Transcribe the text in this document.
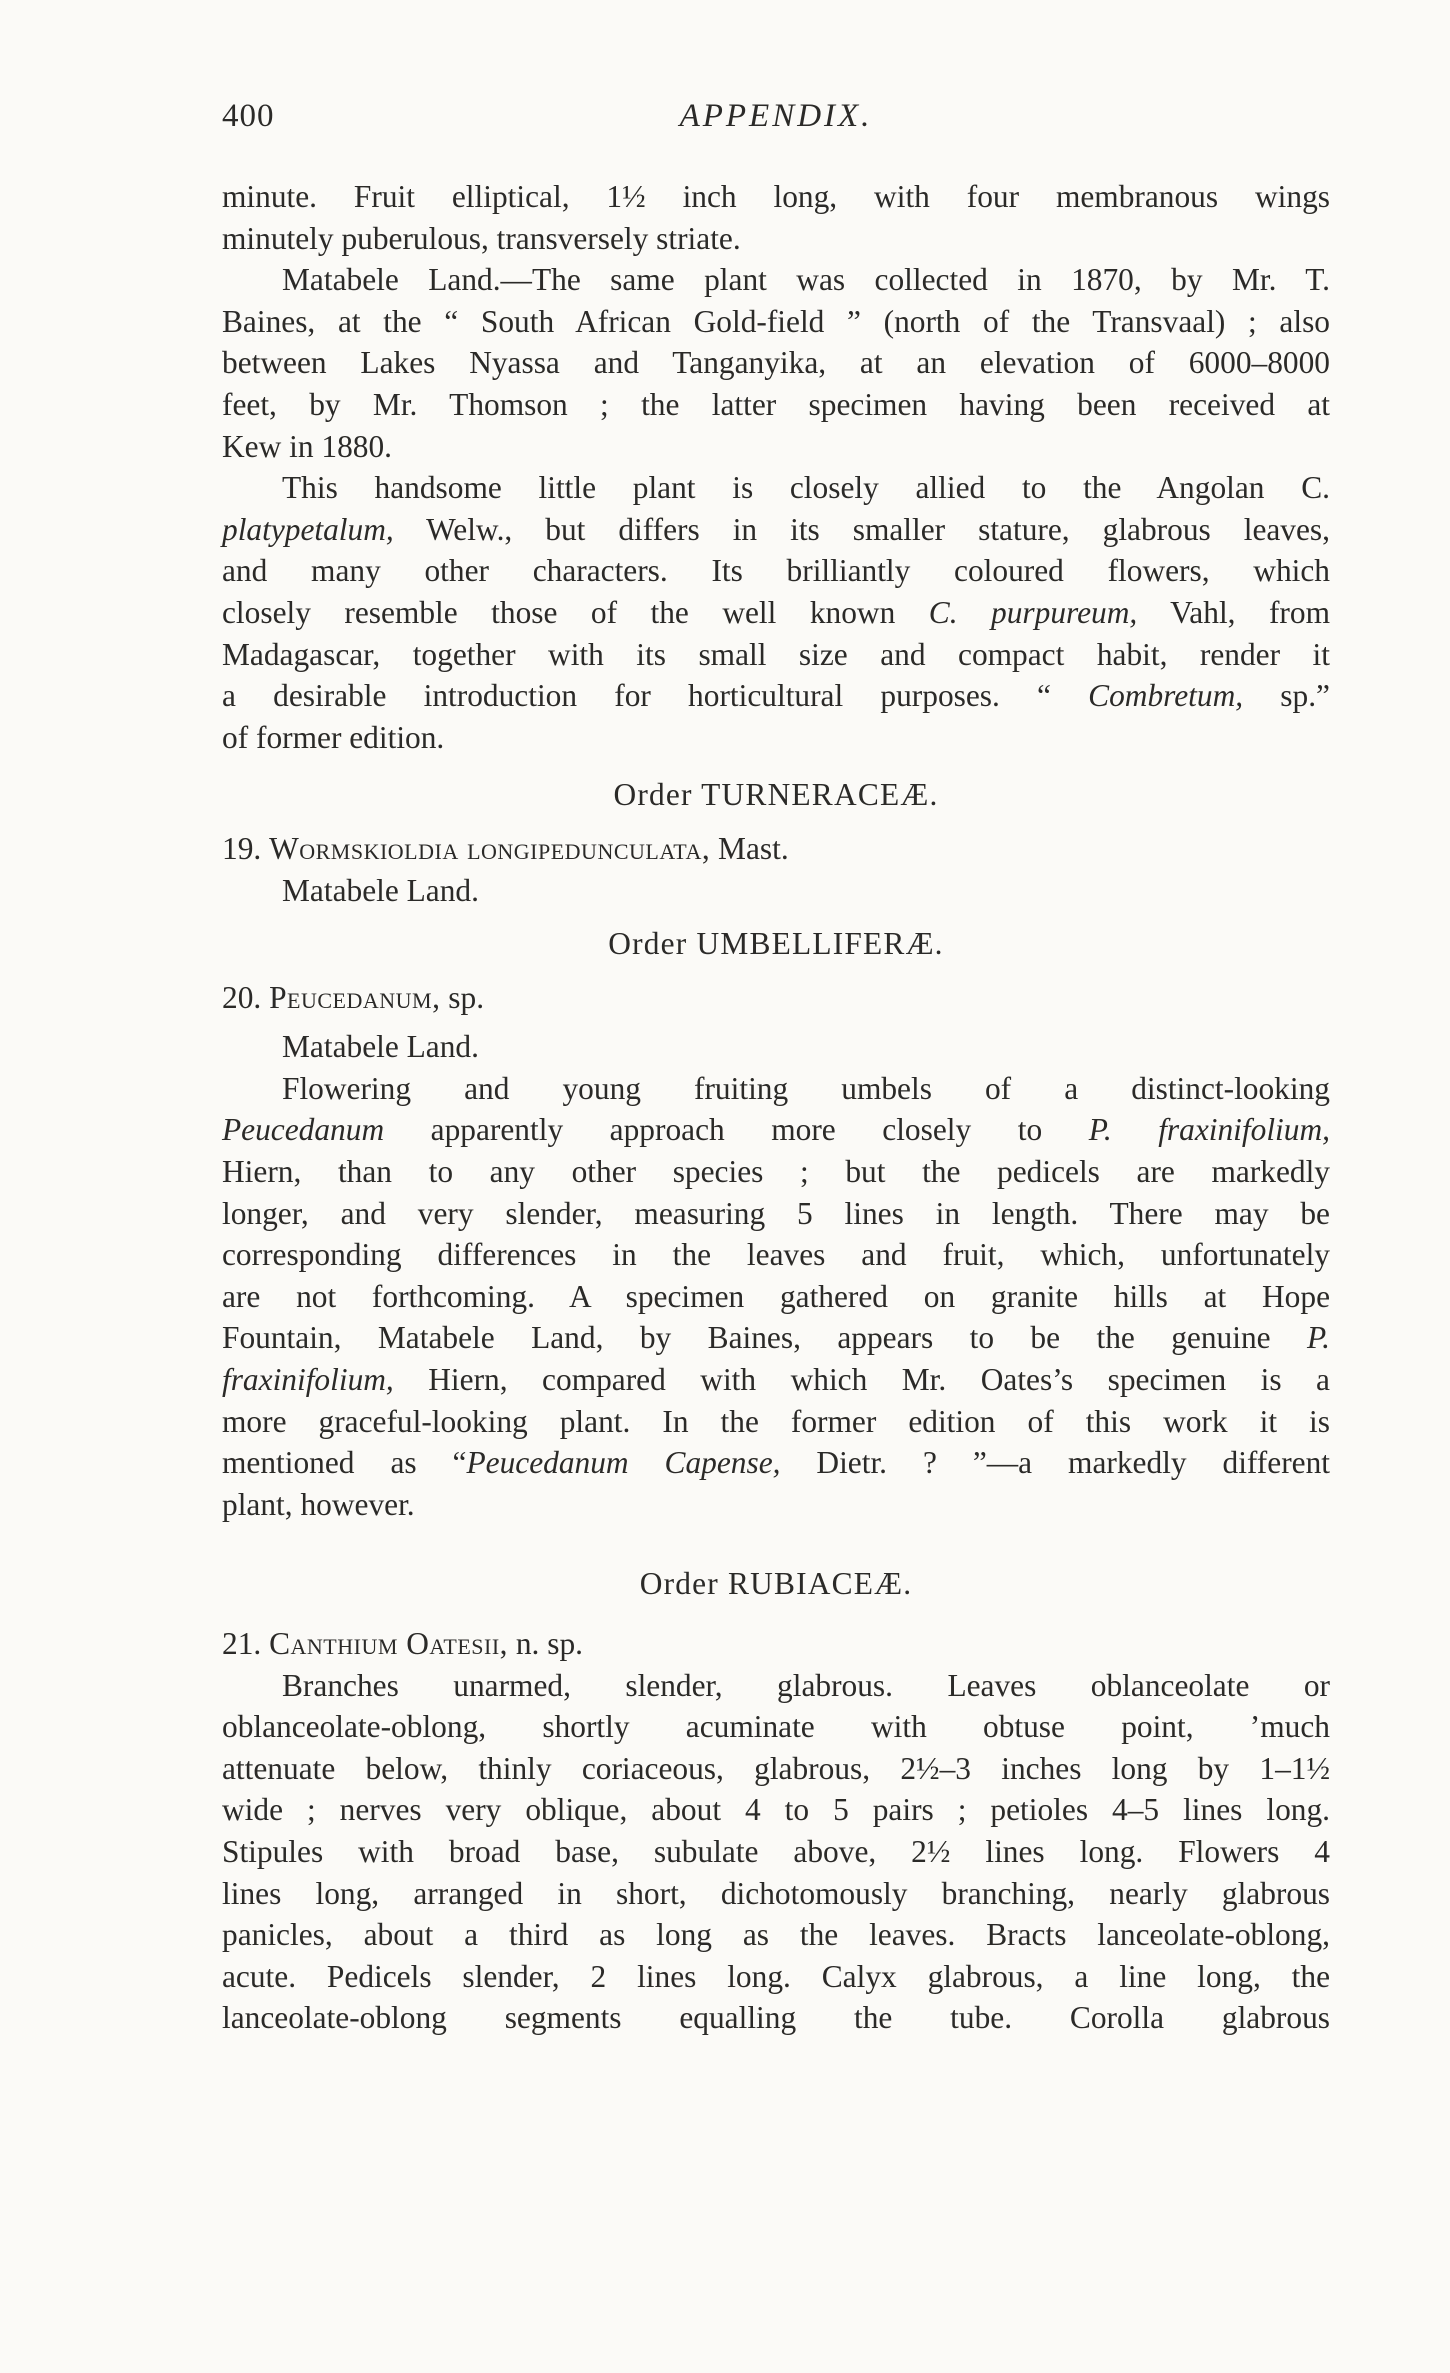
400	APPENDIX.
minute. Fruit elliptical, 1½ inch long, with four membranous wings
minutely puberulous, transversely striate.
Matabele Land.—The same plant was collected in 1870, by Mr. T.
Baines, at the “ South African Gold-field ” (north of the Transvaal) ; also
between Lakes Nyassa and Tanganyika, at an elevation of 6000–8000
feet, by Mr. Thomson ; the latter specimen having been received at
Kew in 1880.
This handsome little plant is closely allied to the Angolan C.
platypetalum, Welw., but differs in its smaller stature, glabrous leaves,
and many other characters. Its brilliantly coloured flowers, which
closely resemble those of the well known C. purpureum, Vahl, from
Madagascar, together with its small size and compact habit, render it
a desirable introduction for horticultural purposes. “ Combretum, sp.”
of former edition.
Order TURNERACEÆ.
19. Wormskioldia longipedunculata, Mast.
Matabele Land.
Order UMBELLIFERÆ.
20. Peucedanum, sp.
Matabele Land.
Flowering and young fruiting umbels of a distinct-looking
Peucedanum apparently approach more closely to P. fraxinifolium,
Hiern, than to any other species ; but the pedicels are markedly
longer, and very slender, measuring 5 lines in length. There may be
corresponding differences in the leaves and fruit, which, unfortunately
are not forthcoming. A specimen gathered on granite hills at Hope
Fountain, Matabele Land, by Baines, appears to be the genuine P.
fraxinifolium, Hiern, compared with which Mr. Oates’s specimen is a
more graceful-looking plant. In the former edition of this work it is
mentioned as “Peucedanum Capense, Dietr. ? ”—a markedly different
plant, however.
Order RUBIACEÆ.
21. Canthium Oatesii, n. sp.
Branches unarmed, slender, glabrous. Leaves oblanceolate or
oblanceolate-oblong, shortly acuminate with obtuse point, ’much
attenuate below, thinly coriaceous, glabrous, 2½–3 inches long by 1–1½
wide ; nerves very oblique, about 4 to 5 pairs ; petioles 4–5 lines long.
Stipules with broad base, subulate above, 2½ lines long. Flowers 4
lines long, arranged in short, dichotomously branching, nearly glabrous
panicles, about a third as long as the leaves. Bracts lanceolate-oblong,
acute. Pedicels slender, 2 lines long. Calyx glabrous, a line long, the
lanceolate-oblong segments equalling the tube. Corolla glabrous
